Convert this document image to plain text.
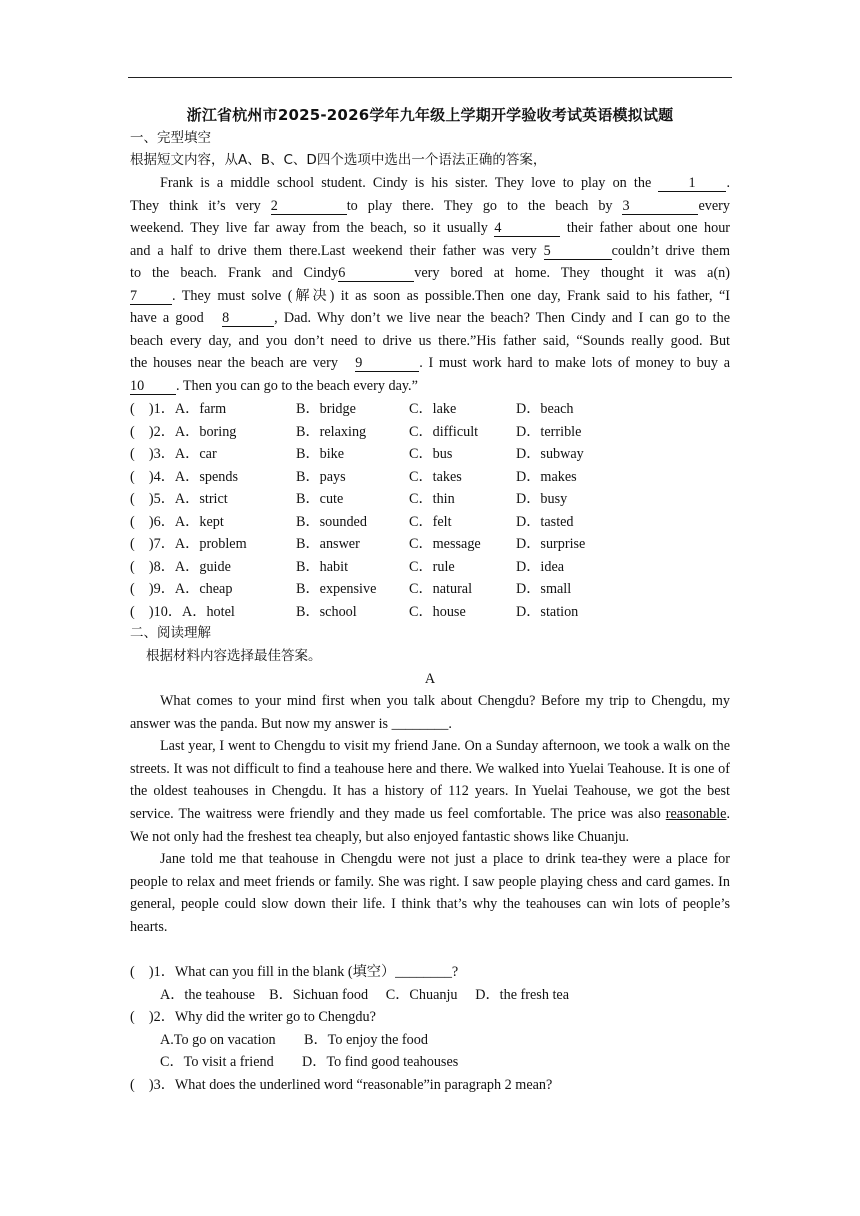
浙江省杭州市2025-2026学年九年级上学期开学验收考试英语模拟试题
一、完型填空
根据短文内容，从A、B、C、D四个选项中选出一个语法正确的答案，
Frank is a middle school student. Cindy is his sister. They love to play on the	1 .
They think it’s very 2	to play there. They go to the beach by 3	every
weekend. They live far away from the beach, so it usually 4	their father about one hour
and a half to drive them there.Last weekend their father was very 5	couldn’t drive them
to the beach. Frank and Cindy6	very bored at home. They thought it was a(n)
7 . They must solve (解决) it as soon as possible.Then one day, Frank said to his father, “I
have a good 8	, Dad. Why don’t we live near the beach? Then Cindy and I can go to the
beach every day, and you don’t need to drive us there.”His father said, “Sounds really good. But
the houses near the beach are very 9	. I must work hard to make lots of money to buy a
10 . Then you can go to the beach every day.”
(　)1．A．farm	B．bridge	C．lake	D．beach
(　)2．A．boring	B．relaxing	C．difficult	D．terrible
(　)3．A．car	B．bike	C．bus	D．subway
(　)4．A．spends	B．pays	C．takes	D．makes
(　)5．A．strict	B．cute	C．thin	D．busy
(　)6．A．kept	B．sounded	C．felt	D．tasted
(　)7．A．problem	B．answer	C．message D．surprise
(　)8．A．guide	B．habit	C．rule	D．idea
(　)9．A．cheap	B．expensive C．natural	D．small
(　)10．A．hotel	B．school	C．house	D．station
二、阅读理解
根据材料内容选择最佳答案。
A

What comes to your mind first when you talk about Chengdu? Before my trip to Chengdu, my answer was the panda. But now my answer is ________.

Last year, I went to Chengdu to visit my friend Jane. On a Sunday afternoon, we took a walk on the streets. It was not difficult to find a teahouse here and there. We walked into Yuelai Teahouse. It is one of the oldest teahouses in Chengdu. It has a history of 112 years. In Yuelai Teahouse, we got the best service. The waitress were friendly and they made us feel comfortable. The price was also reasonable. We not only had the freshest tea cheaply, but also enjoyed fantastic shows like Chuanju.

Jane told me that teahouse in Chengdu were not just a place to drink tea-they were a place for people to relax and meet friends or family. She was right. I saw people playing chess and card games. In general, people could slow down their life. I think that’s why the teahouses can win lots of people’s hearts.

(　)1．What can you fill in the blank (填空）________?
A．the teahouse　B．Sichuan food　 C．Chuanju　 D．the fresh tea
(　)2．Why did the writer go to Chengdu?
A.To go on vacation　　B．To enjoy the food
C．To visit a friend　　D．To find good teahouses
(　)3．What does the underlined word “reasonable”in paragraph 2 mean?
